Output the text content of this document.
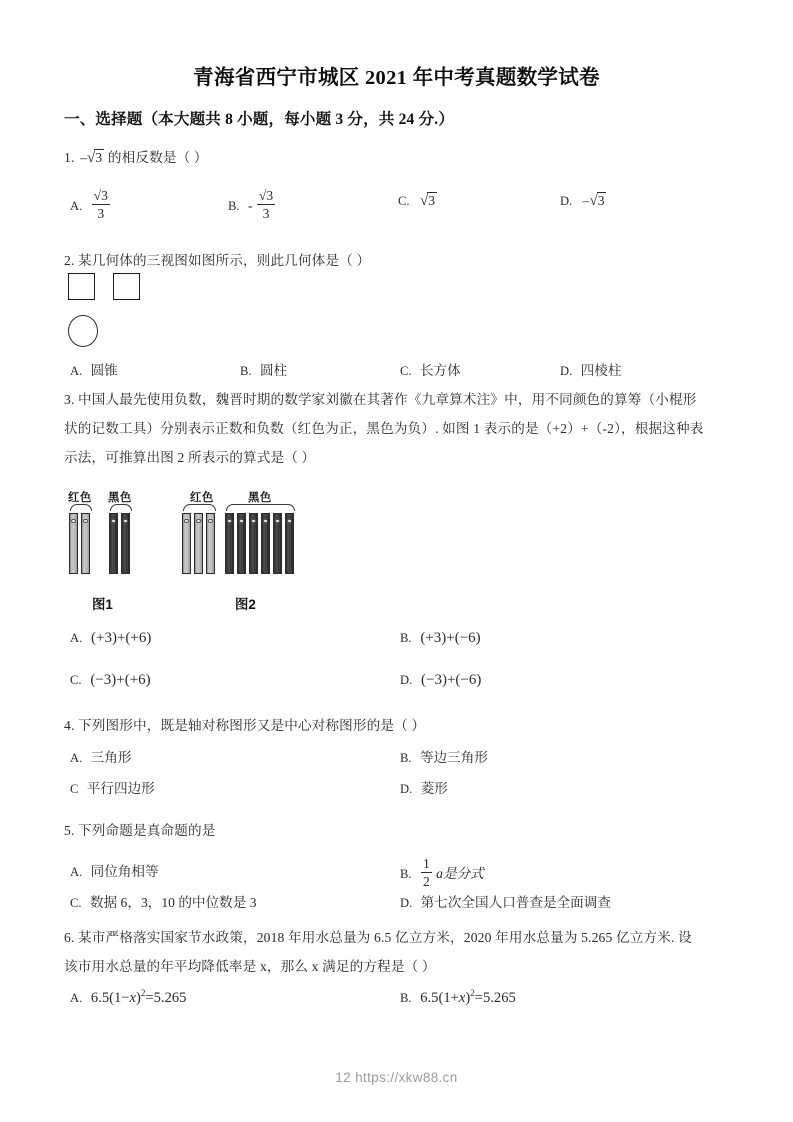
青海省西宁市城区 2021 年中考真题数学试卷
一、选择题（本大题共 8 小题，每小题 3 分，共 24 分.）
1. –√3 的相反数是（ ）
A. $\frac{√3}{3}$	B. - $\frac{√3}{3}$	C. √3	D. –√3
2. 某几何体的三视图如图所示，则此几何体是（ ）
A. 圆锥	B. 圆柱	C. 长方体	D. 四棱柱
3. 中国人最先使用负数，魏晋时期的数学家刘徽在其著作《九章算术注》中，用不同颜色的算筹（小棍形
状的记数工具）分别表示正数和负数（红色为正，黑色为负）. 如图 1 表示的是（+2）+（-2），根据这种表
示法，可推算出图 2 所表示的算式是（ ）
红色 黑色
图1
红色	黑色
图2
A. (+3)+(+6)	B. (+3)+(−6)
C. (−3)+(+6)	D. (−3)+(−6)
4. 下列图形中，既是轴对称图形又是中心对称图形的是（ ）
A. 三角形	B. 等边三角形
C 平行四边形	D. 菱形
5. 下列命题是真命题的是
A. 同位角相等	B. $\frac{1}{2}$ a是分式
C. 数据 6，3，10 的中位数是 3	D. 第七次全国人口普查是全面调查
6. 某市严格落实国家节水政策，2018 年用水总量为 6.5 亿立方米，2020 年用水总量为 5.265 亿立方米. 设
该市用水总量的年平均降低率是 x，那么 x 满足的方程是（ ）
A. $6.5(1-x)^2=5.265$	B. $6.5(1+x)^2=5.265$
12 https://xkw88.cn
